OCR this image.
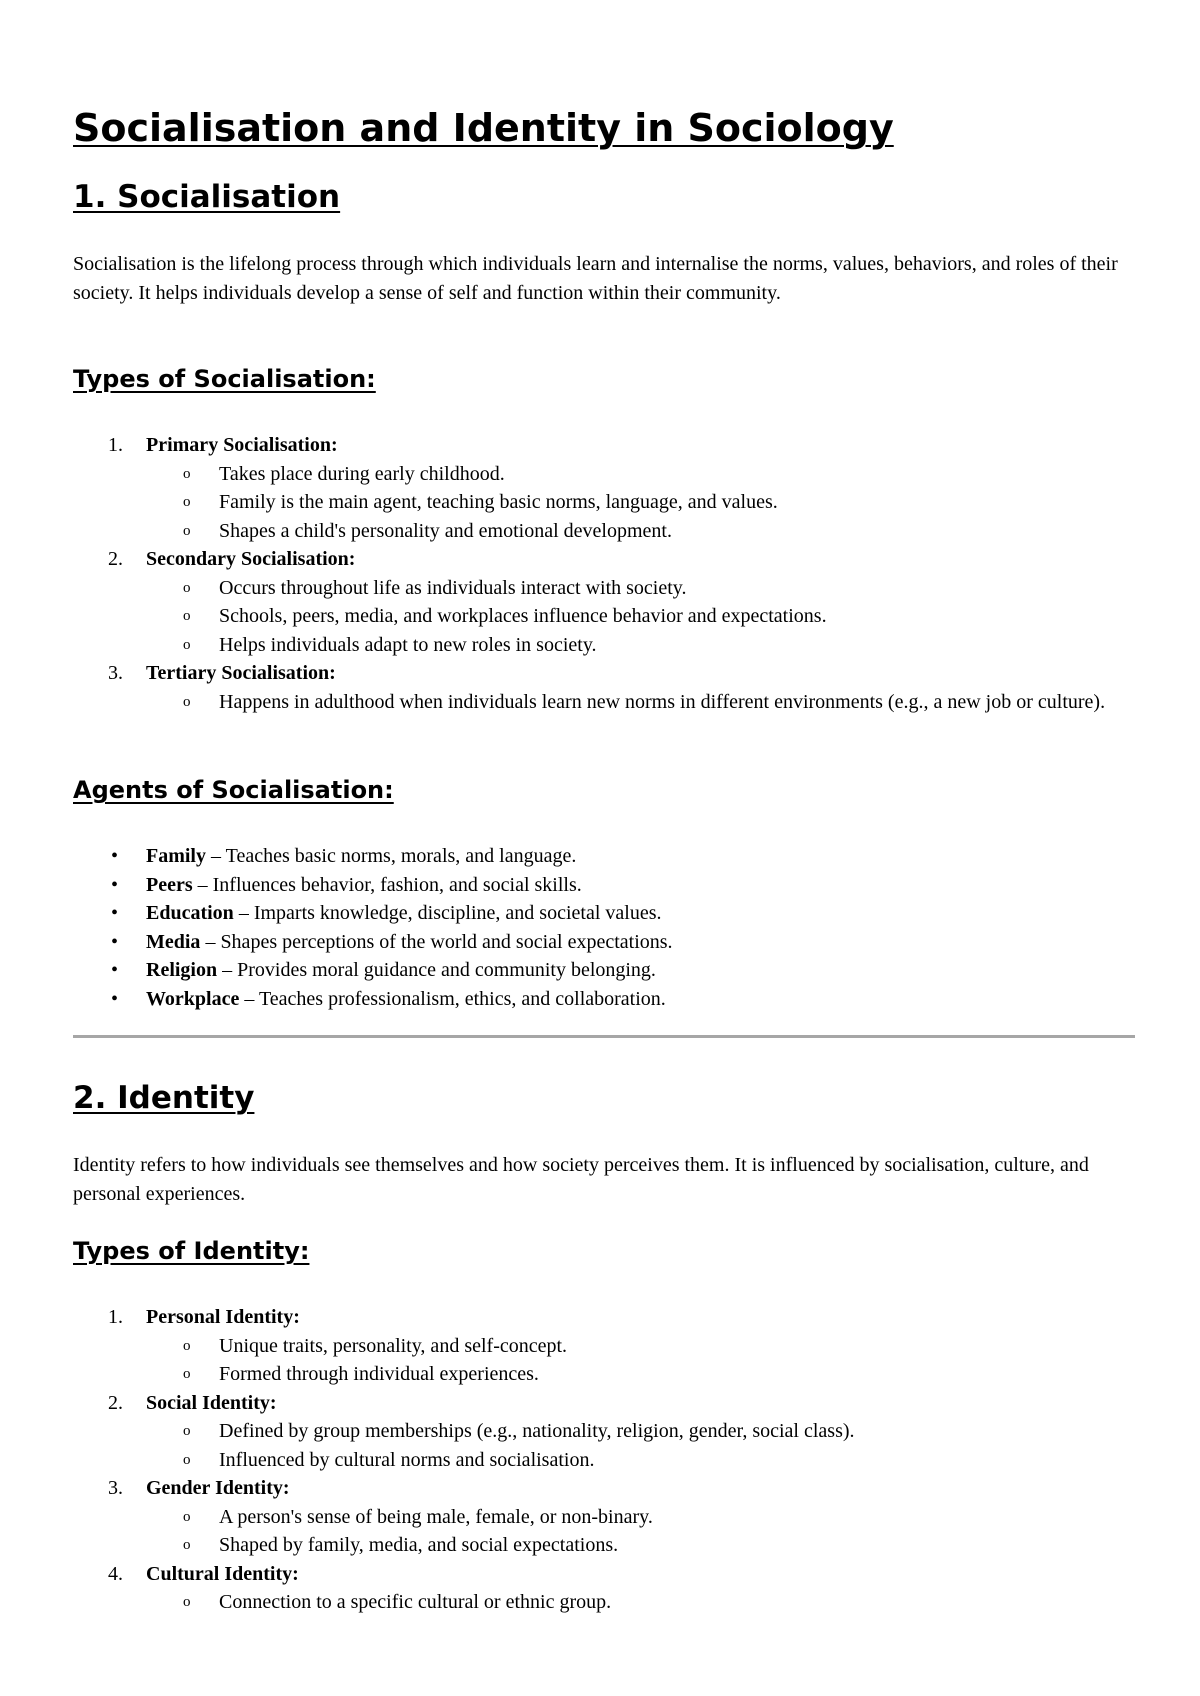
Socialisation and Identity in Sociology
1. Socialisation

Socialisation is the lifelong process through which individuals learn and internalise the norms, values, behaviors, and roles of their society. It helps individuals develop a sense of self and function within their community.

Types of Socialisation:
1. Primary Socialisation:
o Takes place during early childhood.
o Family is the main agent, teaching basic norms, language, and values.
o Shapes a child's personality and emotional development.
2. Secondary Socialisation:
o Occurs throughout life as individuals interact with society.
o Schools, peers, media, and workplaces influence behavior and expectations.
o Helps individuals adapt to new roles in society.
3. Tertiary Socialisation:
o Happens in adulthood when individuals learn new norms in different environments (e.g., a new job or culture).
Agents of Socialisation:
• Family – Teaches basic norms, morals, and language.
• Peers – Influences behavior, fashion, and social skills.
• Education – Imparts knowledge, discipline, and societal values.
• Media – Shapes perceptions of the world and social expectations.
• Religion – Provides moral guidance and community belonging.
• Workplace – Teaches professionalism, ethics, and collaboration.
2. Identity

Identity refers to how individuals see themselves and how society perceives them. It is influenced by socialisation, culture, and personal experiences.

Types of Identity:
1. Personal Identity:
o Unique traits, personality, and self-concept.
o Formed through individual experiences.
2. Social Identity:
o Defined by group memberships (e.g., nationality, religion, gender, social class).
o Influenced by cultural norms and socialisation.
3. Gender Identity:
o A person's sense of being male, female, or non-binary.
o Shaped by family, media, and social expectations.
4. Cultural Identity:
o Connection to a specific cultural or ethnic group.
